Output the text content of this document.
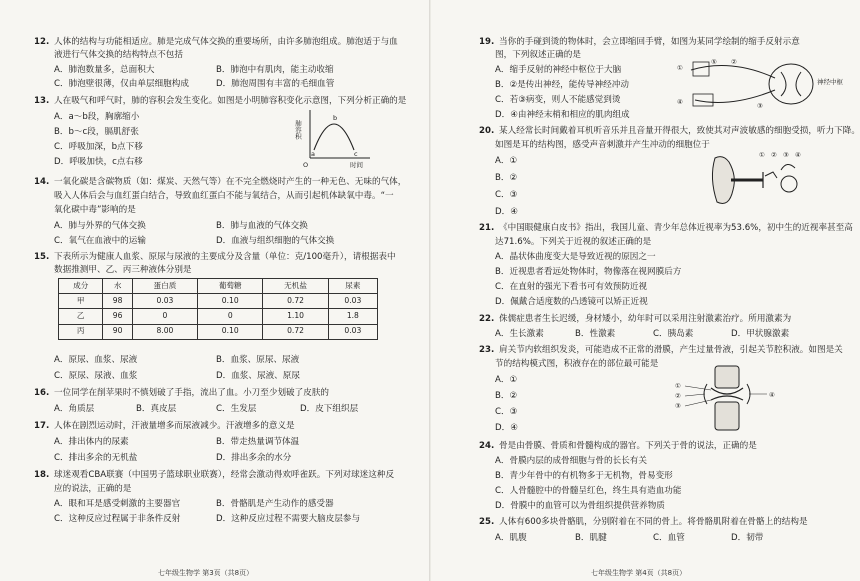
12. 人体的结构与功能相适应。肺是完成气体交换的重要场所，由许多肺泡组成。肺泡适于与血
液进行气体交换的结构特点不包括
A．肺泡数量多，总面积大	B．肺泡中有肌肉，能主动收缩
C．肺泡壁很薄，仅由单层细胞构成	D．肺泡周围有丰富的毛细血管
13. 人在吸气和呼气时，肺的容积会发生变化。如图是小明肺容积变化示意图，下列分析正确的是
A．a～b段，胸廓缩小
B．b～c段，膈肌舒张
C．呼吸加深，b点下移
D．呼吸加快，c点右移
肺容积
时间
O
a
b
c
14. 一氧化碳是含碳物质（如：煤炭、天然气等）在不完全燃烧时产生的一种无色、无味的气体，
吸入人体后会与血红蛋白结合，导致血红蛋白不能与氧结合，从而引起机体缺氧中毒。“一
氧化碳中毒”影响的是
A．肺与外界的气体交换	B．肺与血液的气体交换
C．氧气在血液中的运输	D．血液与组织细胞的气体交换
15. 下表所示为健康人血浆、原尿与尿液的主要成分及含量（单位：克/100毫升），请根据表中
数据推测甲、乙、丙三种液体分别是
成分	水	蛋白质	葡萄糖	无机盐	尿素
甲	98	0.03	0.10	0.72	0.03
乙	96	0	0	1.10	1.8
丙	90	8.00	0.10	0.72	0.03
A．原尿、血浆、尿液	B．血浆、原尿、尿液
C．原尿、尿液、血浆	D．血浆、尿液、原尿
16. 一位同学在削苹果时不慎划破了手指，流出了血。小刀至少划破了皮肤的
A．角质层	B．真皮层	C．生发层	D．皮下组织层
17. 人体在剧烈运动时，汗液量增多而尿液减少。汗液增多的意义是
A．排出体内的尿素	B．带走热量调节体温
C．排出多余的无机盐	D．排出多余的水分
18. 球迷观看CBA联赛（中国男子篮球职业联赛），经常会激动得欢呼雀跃。下列对球迷这种反
应的说法，正确的是
A．眼和耳是感受刺激的主要器官	B．骨骼肌是产生动作的感受器
C．这种反应过程属于非条件反射	D．这种反应过程不需要大脑皮层参与
七年级生物学 第3页（共8页）
19. 当你的手碰到烫的物体时，会立即缩回手臂，如图为某同学绘制的缩手反射示意
图，下列叙述正确的是
A．缩手反射的神经中枢位于大脑
B．②是传出神经，能传导神经冲动
C．若③病变，则人不能感觉到烫
D．④由神经末梢和相应的肌肉组成
①
②
③
④
⑤
神经中枢
20. 某人经常长时间戴着耳机听音乐并且音量开得很大，致使其对声波敏感的细胞受损，听力下降。
如图是耳的结构图，感受声音刺激并产生冲动的细胞位于
A．①
B．②
C．③
D．④
① ② ③ ④
21. 《中国眼健康白皮书》指出，我国儿童、青少年总体近视率为53.6%，初中生的近视率甚至高
达71.6%。下列关于近视的叙述正确的是
A．晶状体曲度变大是导致近视的原因之一
B．近视患者看远处物体时，物像落在视网膜后方
C．在直射的强光下看书可有效预防近视
D．佩戴合适度数的凸透镜可以矫正近视
22. 侏儒症患者生长迟缓，身材矮小，幼年时可以采用注射激素治疗。所用激素为
A．生长激素	B．性激素	C．胰岛素	D．甲状腺激素
23. 肩关节内软组织发炎，可能造成不正常的滑膜，产生过量骨液，引起关节腔积液。如图是关
节的结构模式图，积液存在的部位最可能是
A．①
B．②
C．③
D．④
①
②
③
④
24. 骨是由骨膜、骨质和骨髓构成的器官。下列关于骨的说法，正确的是
A．骨膜内层的成骨细胞与骨的长长有关
B．青少年骨中的有机物多于无机物，骨易变形
C．人骨髓腔中的骨髓呈红色，终生具有造血功能
D．骨膜中的血管可以为骨组织提供营养物质
25. 人体有600多块骨骼肌，分别附着在不同的骨上。将骨骼肌附着在骨骼上的结构是
A．肌腹	B．肌腱	C．血管	D．韧带
七年级生物学 第4页（共8页）
